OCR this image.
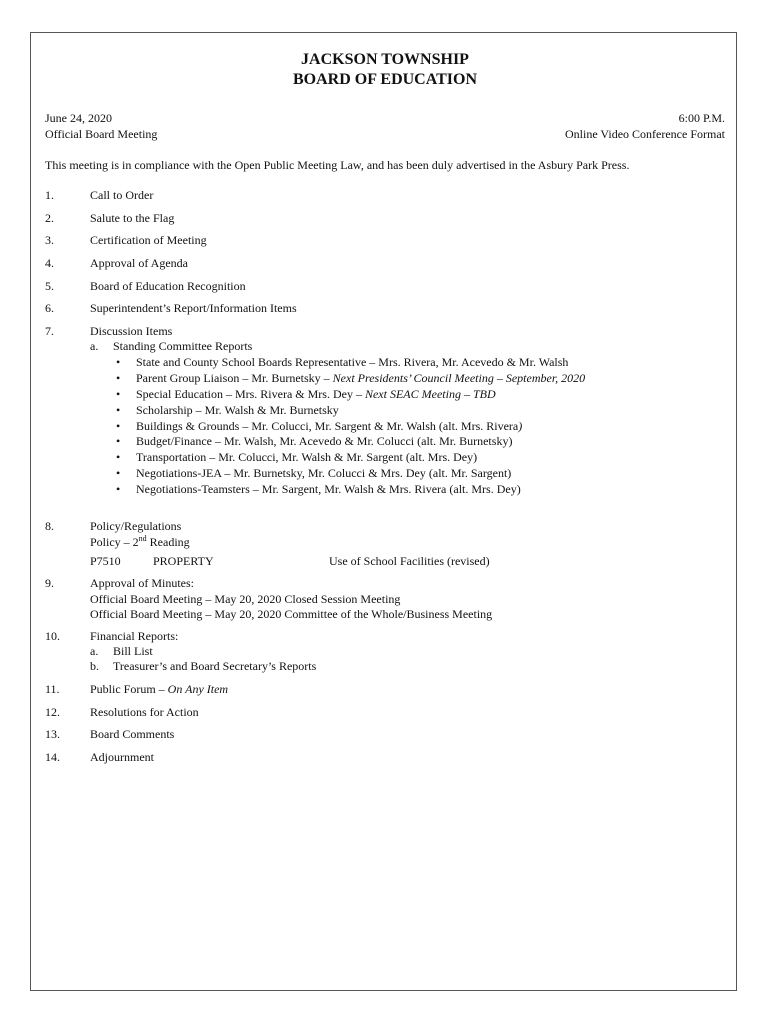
JACKSON TOWNSHIP
BOARD OF EDUCATION
June 24, 2020	6:00 P.M.
Official Board Meeting	Online Video Conference Format
This meeting is in compliance with the Open Public Meeting Law, and has been duly advertised in the Asbury Park Press.
1.	Call to Order
2.	Salute to the Flag
3.	Certification of Meeting
4.	Approval of Agenda
5.	Board of Education Recognition
6.	Superintendent’s Report/Information Items
7.	Discussion Items
a. Standing Committee Reports
• State and County School Boards Representative – Mrs. Rivera, Mr. Acevedo & Mr. Walsh
• Parent Group Liaison – Mr. Burnetsky – Next Presidents’ Council Meeting – September, 2020
• Special Education – Mrs. Rivera & Mrs. Dey – Next SEAC Meeting – TBD
• Scholarship – Mr. Walsh & Mr. Burnetsky
• Buildings & Grounds – Mr. Colucci, Mr. Sargent & Mr. Walsh (alt. Mrs. Rivera)
• Budget/Finance – Mr. Walsh, Mr. Acevedo & Mr. Colucci (alt. Mr. Burnetsky)
• Transportation – Mr. Colucci, Mr. Walsh & Mr. Sargent (alt. Mrs. Dey)
• Negotiations-JEA – Mr. Burnetsky, Mr. Colucci & Mrs. Dey (alt. Mr. Sargent)
• Negotiations-Teamsters – Mr. Sargent, Mr. Walsh & Mrs. Rivera (alt. Mrs. Dey)
8.	Policy/Regulations
Policy – 2nd Reading
P7510	PROPERTY	Use of School Facilities (revised)
9.	Approval of Minutes:
Official Board Meeting – May 20, 2020 Closed Session Meeting
Official Board Meeting – May 20, 2020 Committee of the Whole/Business Meeting
10.	Financial Reports:
a. Bill List
b. Treasurer’s and Board Secretary’s Reports
11.	Public Forum – On Any Item
12.	Resolutions for Action
13.	Board Comments
14.	Adjournment
